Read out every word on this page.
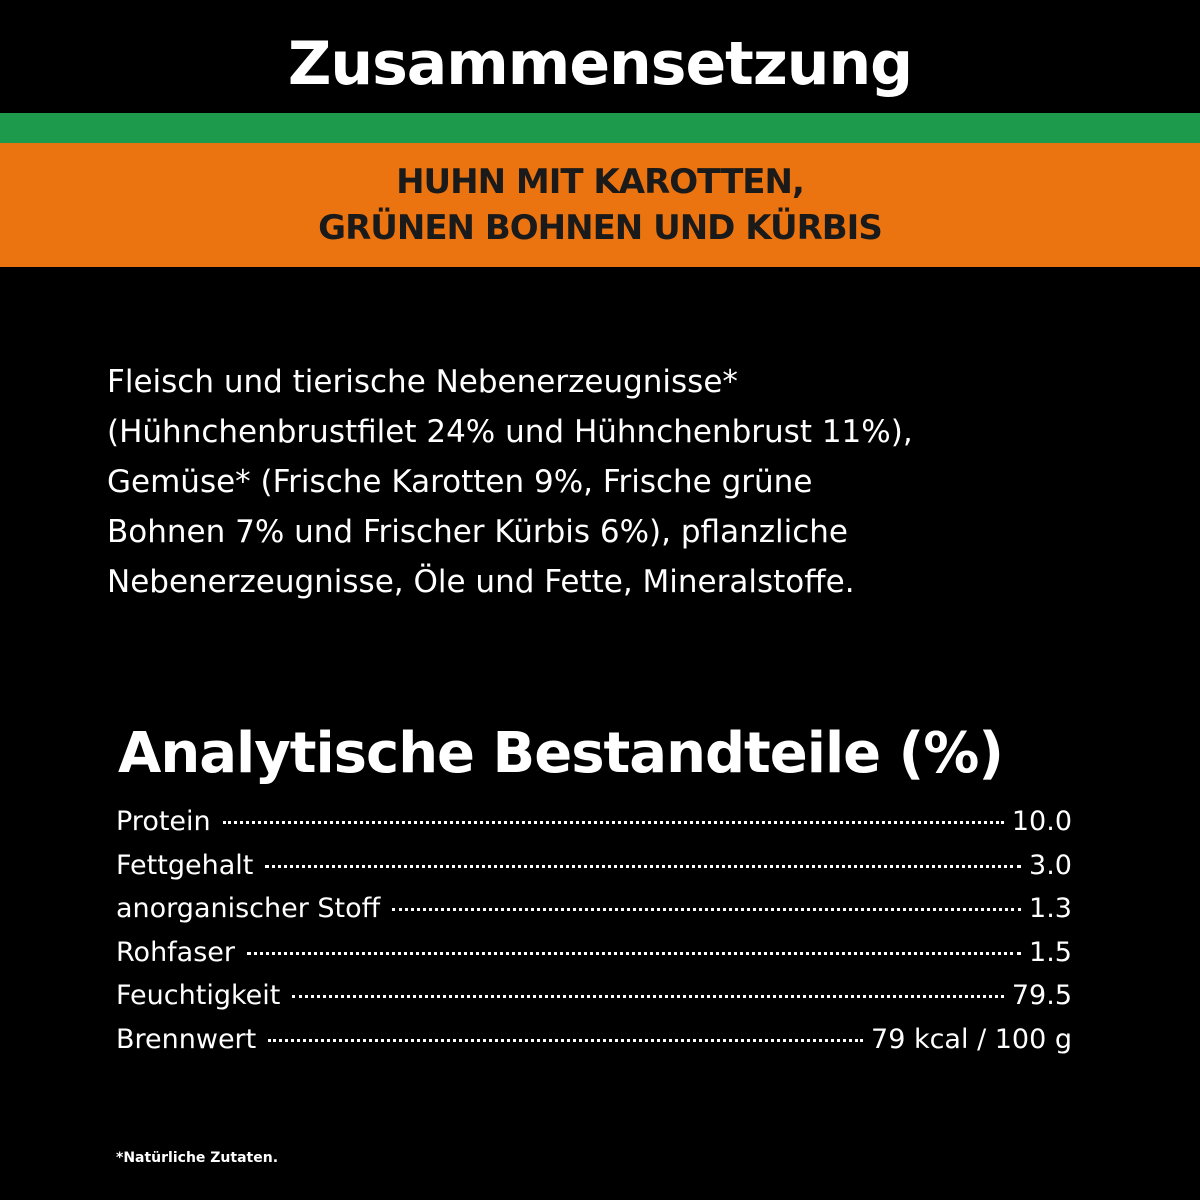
Zusammensetzung
HUHN MIT KAROTTEN,
GRÜNEN BOHNEN UND KÜRBIS
Fleisch und tierische Nebenerzeugnisse*
(Hühnchenbrustfilet 24% und Hühnchenbrust 11%),
Gemüse* (Frische Karotten 9%, Frische grüne
Bohnen 7% und Frischer Kürbis 6%), pflanzliche
Nebenerzeugnisse, Öle und Fette, Mineralstoffe.
Analytische Bestandteile (%)
Protein	10.0
Fettgehalt	3.0
anorganischer Stoff	1.3
Rohfaser	1.5
Feuchtigkeit	79.5
Brennwert	79 kcal / 100 g
*Natürliche Zutaten.
